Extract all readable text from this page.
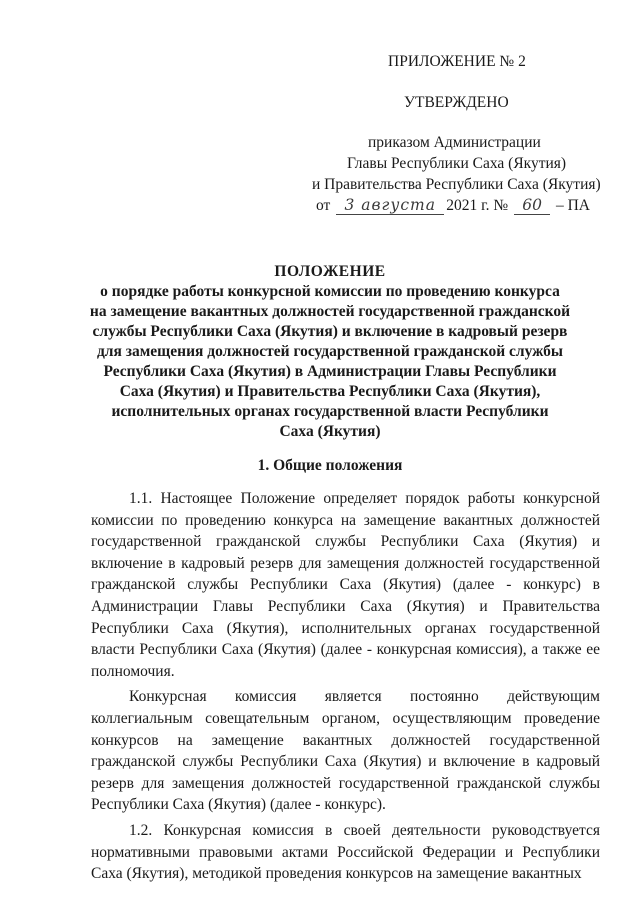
ПРИЛОЖЕНИЕ № 2
УТВЕРЖДЕНО
приказом Администрации
Главы Республики Саха (Якутия)
и Правительства Республики Саха (Якутия)
от 3 августа 2021 г. № 60 – ПА
ПОЛОЖЕНИЕ
о порядке работы конкурсной комиссии по проведению конкурса
на замещение вакантных должностей государственной гражданской
службы Республики Саха (Якутия) и включение в кадровый резерв
для замещения должностей государственной гражданской службы
Республики Саха (Якутия) в Администрации Главы Республики
Саха (Якутия) и Правительства Республики Саха (Якутия),
исполнительных органах государственной власти Республики
Саха (Якутия)
1. Общие положения

1.1. Настоящее Положение определяет порядок работы конкурсной комиссии по проведению конкурса на замещение вакантных должностей государственной гражданской службы Республики Саха (Якутия) и включение в кадровый резерв для замещения должностей государственной гражданской службы Республики Саха (Якутия) (далее - конкурс) в Администрации Главы Республики Саха (Якутия) и Правительства Республики Саха (Якутия), исполнительных органах государственной власти Республики Саха (Якутия) (далее - конкурсная комиссия), а также ее полномочия.

Конкурсная комиссия является постоянно действующим коллегиальным совещательным органом, осуществляющим проведение конкурсов на замещение вакантных должностей государственной гражданской службы Республики Саха (Якутия) и включение в кадровый резерв для замещения должностей государственной гражданской службы Республики Саха (Якутия) (далее - конкурс).

1.2. Конкурсная комиссия в своей деятельности руководствуется нормативными правовыми актами Российской Федерации и Республики Саха (Якутия), методикой проведения конкурсов на замещение вакантных
